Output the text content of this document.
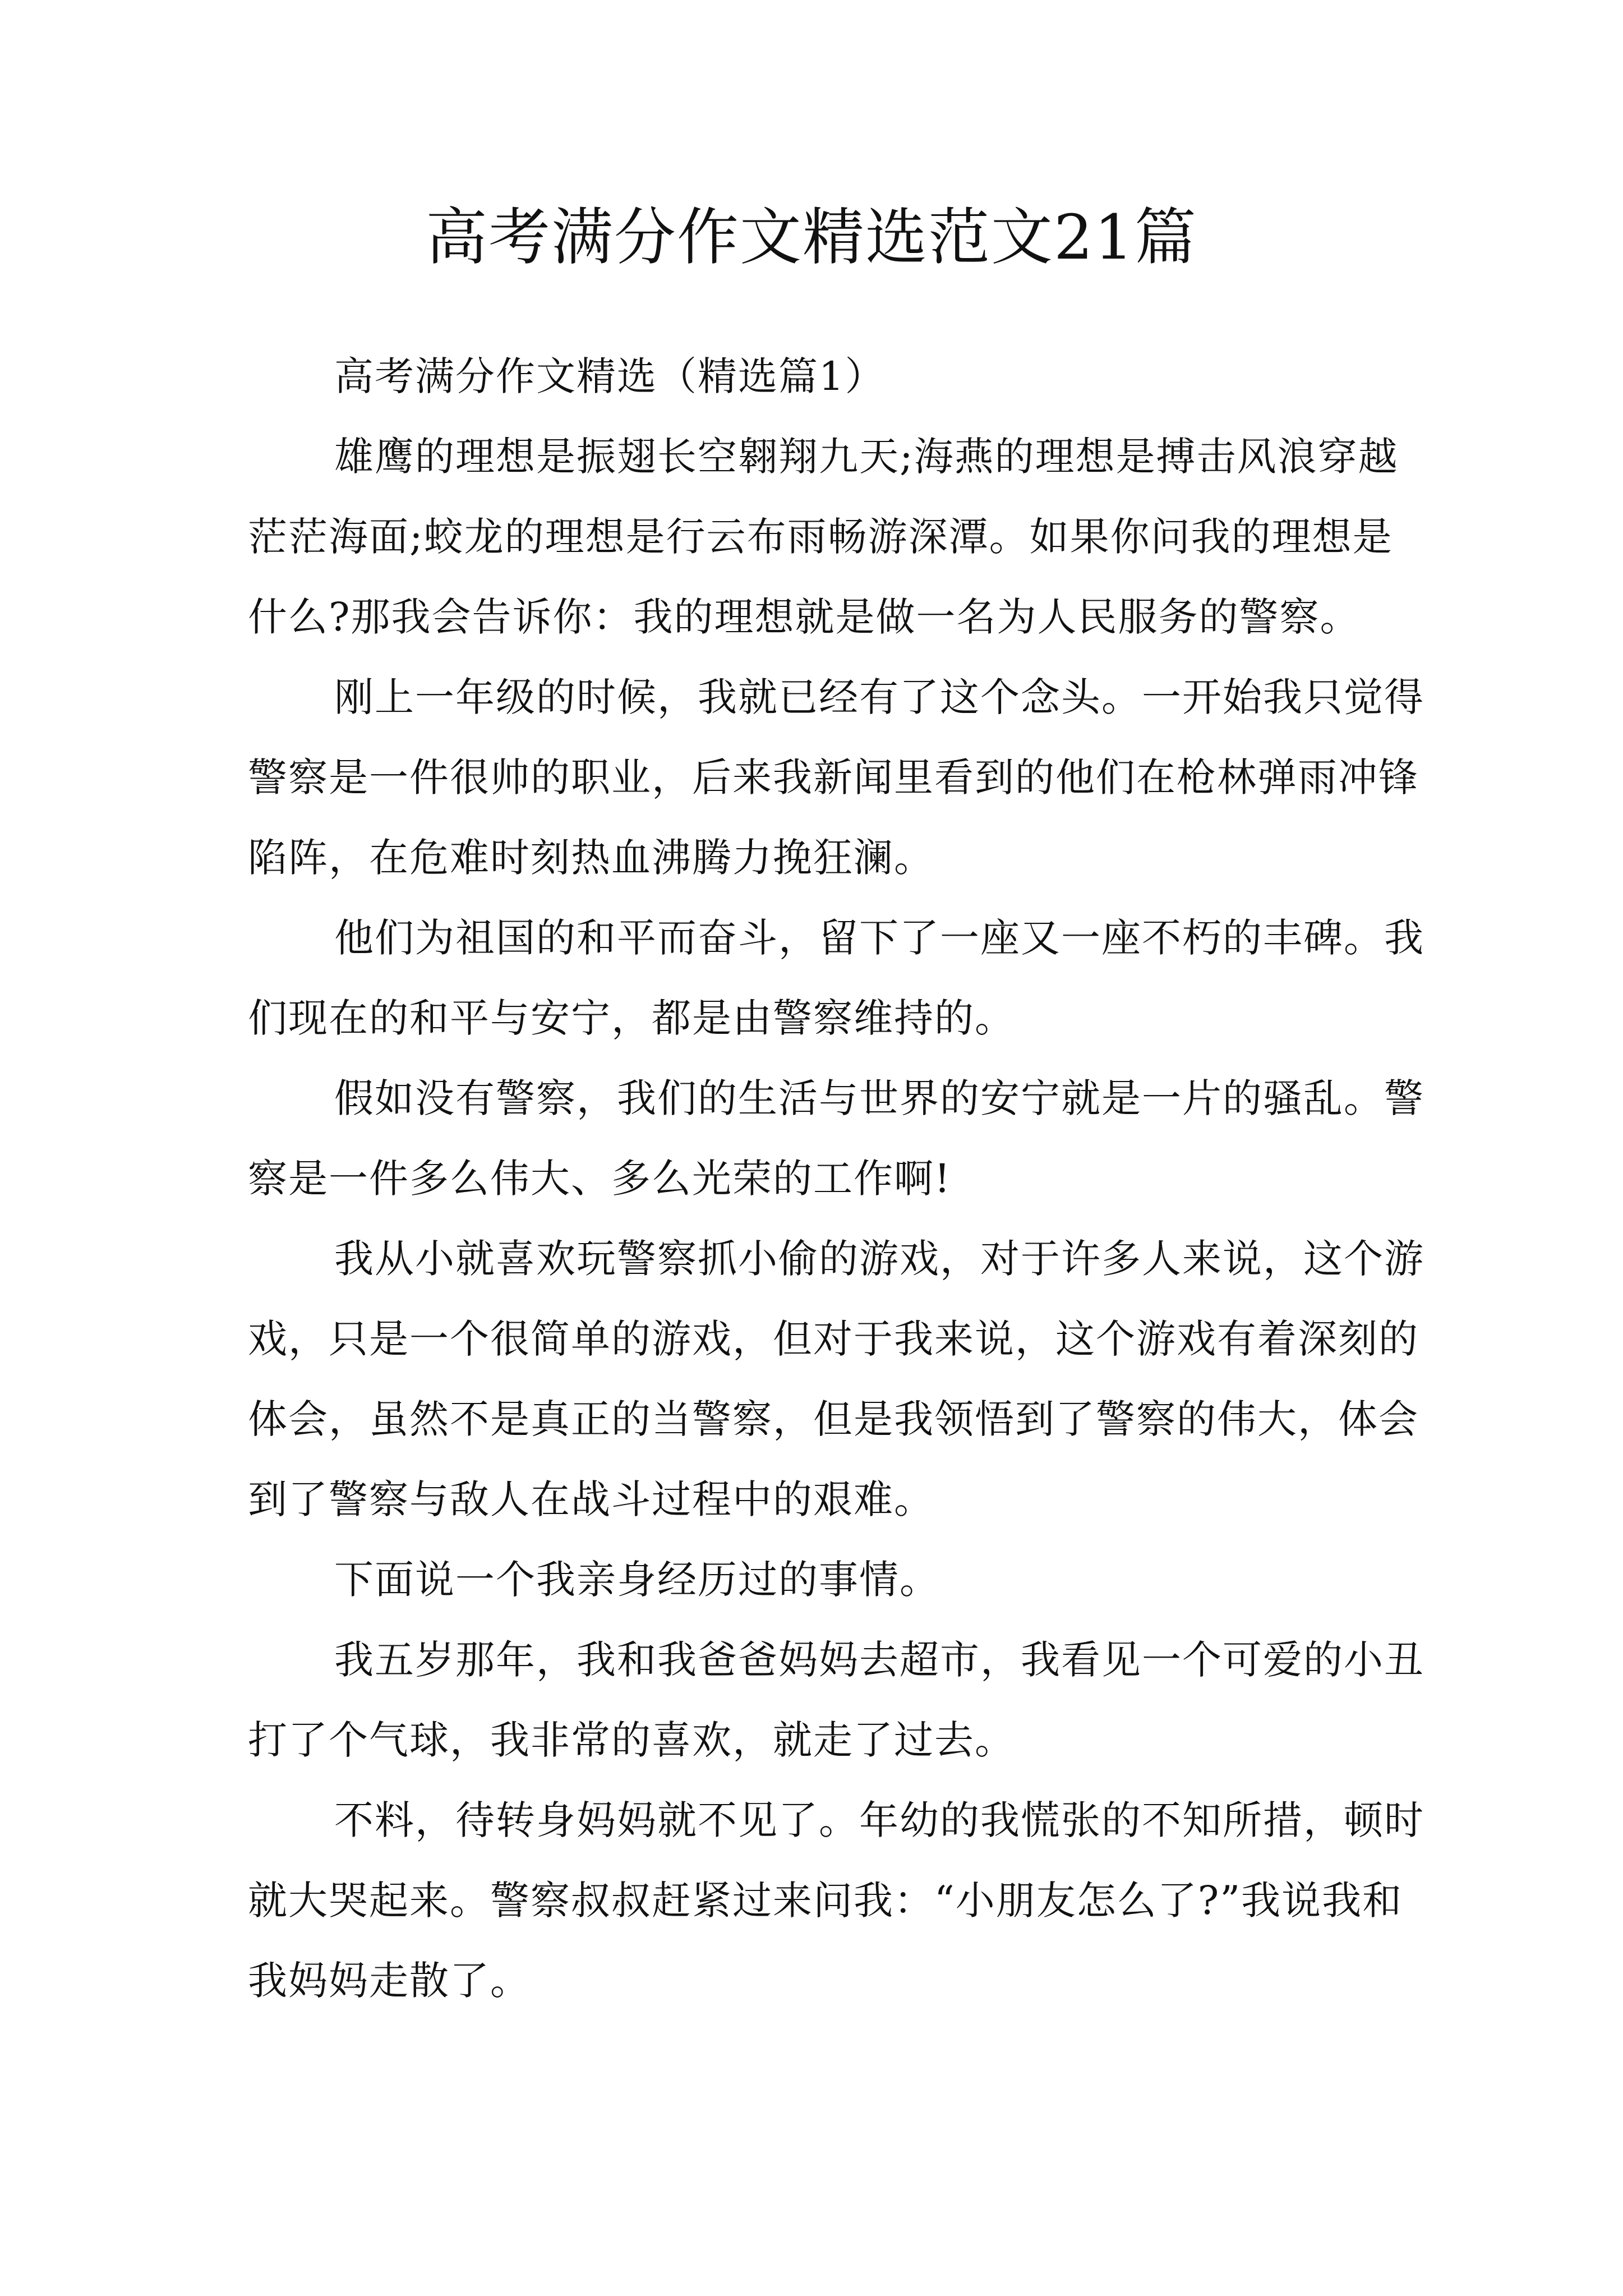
高考满分作文精选范文21篇

高考满分作文精选（精选篇1）

雄鹰的理想是振翅长空翱翔九天;海燕的理想是搏击风浪穿越茫茫海面;蛟龙的理想是行云布雨畅游深潭。如果你问我的理想是什么?那我会告诉你：我的理想就是做一名为人民服务的警察。

刚上一年级的时候，我就已经有了这个念头。一开始我只觉得警察是一件很帅的职业，后来我新闻里看到的他们在枪林弹雨冲锋陷阵，在危难时刻热血沸腾力挽狂澜。

他们为祖国的和平而奋斗，留下了一座又一座不朽的丰碑。我们现在的和平与安宁，都是由警察维持的。

假如没有警察，我们的生活与世界的安宁就是一片的骚乱。警察是一件多么伟大、多么光荣的工作啊!

我从小就喜欢玩警察抓小偷的游戏，对于许多人来说，这个游戏，只是一个很简单的游戏，但对于我来说，这个游戏有着深刻的体会，虽然不是真正的当警察，但是我领悟到了警察的伟大，体会到了警察与敌人在战斗过程中的艰难。

下面说一个我亲身经历过的事情。

我五岁那年，我和我爸爸妈妈去超市，我看见一个可爱的小丑打了个气球，我非常的喜欢，就走了过去。

不料，待转身妈妈就不见了。年幼的我慌张的不知所措，顿时就大哭起来。警察叔叔赶紧过来问我：“小朋友怎么了?”我说我和我妈妈走散了。
